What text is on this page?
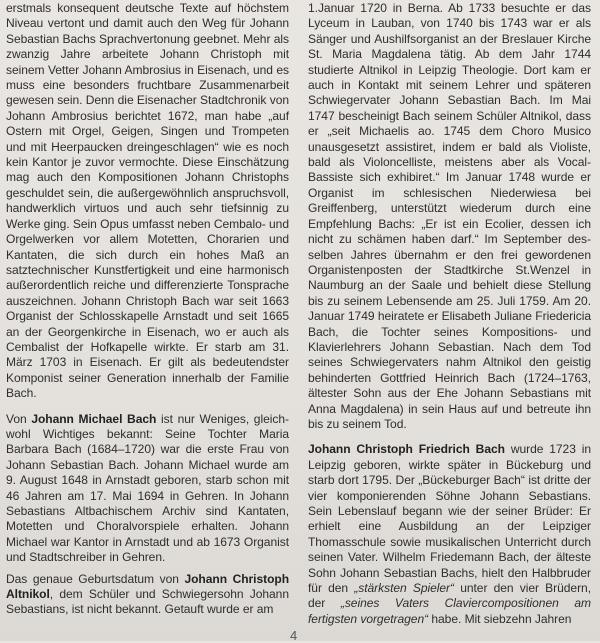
erstmals konsequent deutsche Texte auf höchstem Niveau vertont und damit auch den Weg für Johann Sebastian Bachs Sprachvertonung geebnet. Mehr als zwanzig Jahre arbeitete Johann Christoph mit seinem Vetter Johann Ambrosius in Eisenach, und es muss eine besonders fruchtbare Zusammenarbeit gewesen sein. Denn die Eisenacher Stadtchronik von Johann Ambrosius berichtet 1672, man habe „auf Ostern mit Orgel, Geigen, Singen und Trompeten und mit Heerpaucken dreingeschlagen“ wie es noch kein Kantor je zuvor vermochte. Diese Einschätzung mag auch den Kompositionen Johann Christophs geschuldet sein, die außergewöhnlich anspruchsvoll, handwerklich virtuos und auch sehr tiefsinnig zu Werke ging. Sein Opus umfasst neben Cembalo- und Orgelwerken vor allem Motetten, Chorarien und Kantaten, die sich durch ein hohes Maß an satztechnischer Kunstfertigkeit und eine harmonisch außerordentlich reiche und differenzierte Tonsprache auszeichnen. Johann Christoph Bach war seit 1663 Organist der Schlosskapelle Arnstadt und seit 1665 an der Georgenkirche in Eisenach, wo er auch als Cembalist der Hofkapelle wirkte. Er starb am 31. März 1703 in Eisenach. Er gilt als bedeutendster Komponist seiner Generation innerhalb der Familie Bach.

Von Johann Michael Bach ist nur Weniges, gleichwohl Wichtiges bekannt: Seine Tochter Maria Barbara Bach (1684–1720) war die erste Frau von Johann Sebastian Bach. Johann Michael wurde am 9. August 1648 in Arnstadt geboren, starb schon mit 46 Jahren am 17. Mai 1694 in Gehren. In Johann Sebastians Altbachischem Archiv sind Kantaten, Motetten und Choralvorspiele erhalten. Johann Michael war Kantor in Arnstadt und ab 1673 Organist und Stadtschreiber in Gehren.

Das genaue Geburtsdatum von Johann Christoph Altnikol, dem Schüler und Schwiegersohn Johann Sebastians, ist nicht bekannt. Getauft wurde er am

1.Januar 1720 in Berna. Ab 1733 besuchte er das Lyceum in Lauban, von 1740 bis 1743 war er als Sänger und Aushilfsorganist an der Breslauer Kirche St. Maria Magdalena tätig. Ab dem Jahr 1744 studierte Altnikol in Leipzig Theologie. Dort kam er auch in Kontakt mit seinem Lehrer und späteren Schwiegervater Johann Sebastian Bach. Im Mai 1747 bescheinigt Bach seinem Schüler Altnikol, dass er „seit Michaelis ao. 1745 dem Choro Musico unausgesetzt assistiret, indem er bald als Violiste, bald als Violoncelliste, meistens aber als Vocal-Bassiste sich exhibiret.“ Im Januar 1748 wurde er Organist im schlesischen Niederwiesa bei Greiffenberg, unterstützt wiederum durch eine Empfehlung Bachs: „Er ist ein Ecolier, dessen ich nicht zu schämen haben darf.“ Im September desselben Jahres übernahm er den frei gewordenen Organistenposten der Stadtkirche St.Wenzel in Naumburg an der Saale und behielt diese Stellung bis zu seinem Lebensende am 25. Juli 1759. Am 20. Januar 1749 heiratete er Elisabeth Juliane Friedericia Bach, die Tochter seines Kompositions- und Klavierlehrers Johann Sebastian. Nach dem Tod seines Schwiegervaters nahm Altnikol den geistig behinderten Gottfried Heinrich Bach (1724–1763, ältester Sohn aus der Ehe Johann Sebastians mit Anna Magdalena) in sein Haus auf und betreute ihn bis zu seinem Tod.

Johann Christoph Friedrich Bach wurde 1723 in Leipzig geboren, wirkte später in Bückeburg und starb dort 1795. Der „Bückeburger Bach“ ist dritte der vier komponierenden Söhne Johann Sebastians. Sein Lebenslauf begann wie der seiner Brüder: Er erhielt eine Ausbildung an der Leipziger Thomasschule sowie musikalischen Unterricht durch seinen Vater. Wilhelm Friedemann Bach, der älteste Sohn Johann Sebastian Bachs, hielt den Halbbruder für den „stärksten Spieler“ unter den vier Brüdern, der „seines Vaters Claviercompositionen am fertigsten vorgetragen“ habe. Mit siebzehn Jahren

4
